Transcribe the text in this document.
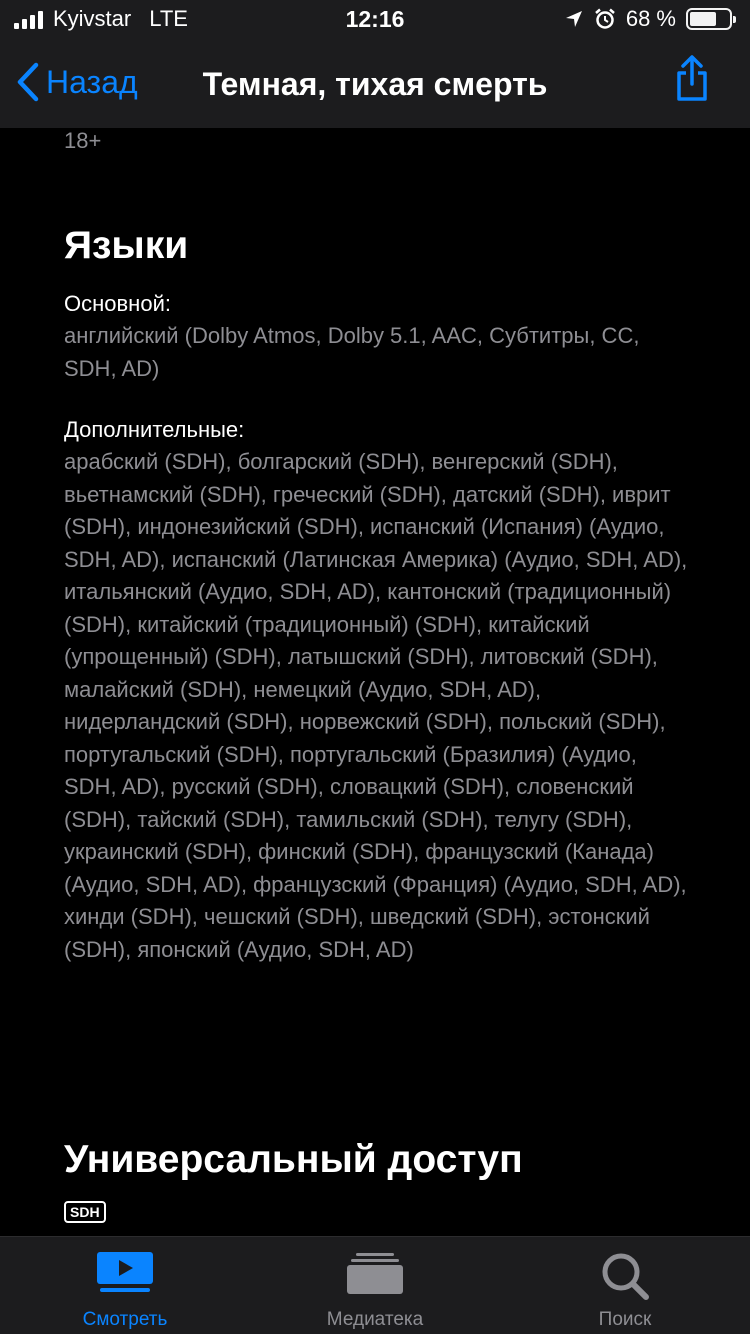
Kyivstar LTE	12:16	68 %
Назад	Темная, тихая смерть
18+
Языки
Основной:
английский (Dolby Atmos, Dolby 5.1, AAC, Субтитры, CC, SDH, AD)
Дополнительные:
арабский (SDH), болгарский (SDH), венгерский (SDH), вьетнамский (SDH), греческий (SDH), датский (SDH), иврит (SDH), индонезийский (SDH), испанский (Испания) (Аудио, SDH, AD), испанский (Латинская Америка) (Аудио, SDH, AD), итальянский (Аудио, SDH, AD), кантонский (традиционный) (SDH), китайский (традиционный) (SDH), китайский (упрощенный) (SDH), латышский (SDH), литовский (SDH), малайский (SDH), немецкий (Аудио, SDH, AD), нидерландский (SDH), норвежский (SDH), польский (SDH), португальский (SDH), португальский (Бразилия) (Аудио, SDH, AD), русский (SDH), словацкий (SDH), словенский (SDH), тайский (SDH), тамильский (SDH), телугу (SDH), украинский (SDH), финский (SDH), французский (Канада) (Аудио, SDH, AD), французский (Франция) (Аудио, SDH, AD), хинди (SDH), чешский (SDH), шведский (SDH), эстонский (SDH), японский (Аудио, SDH, AD)
Универсальный доступ
SDH
Смотреть	Медиатека	Поиск
